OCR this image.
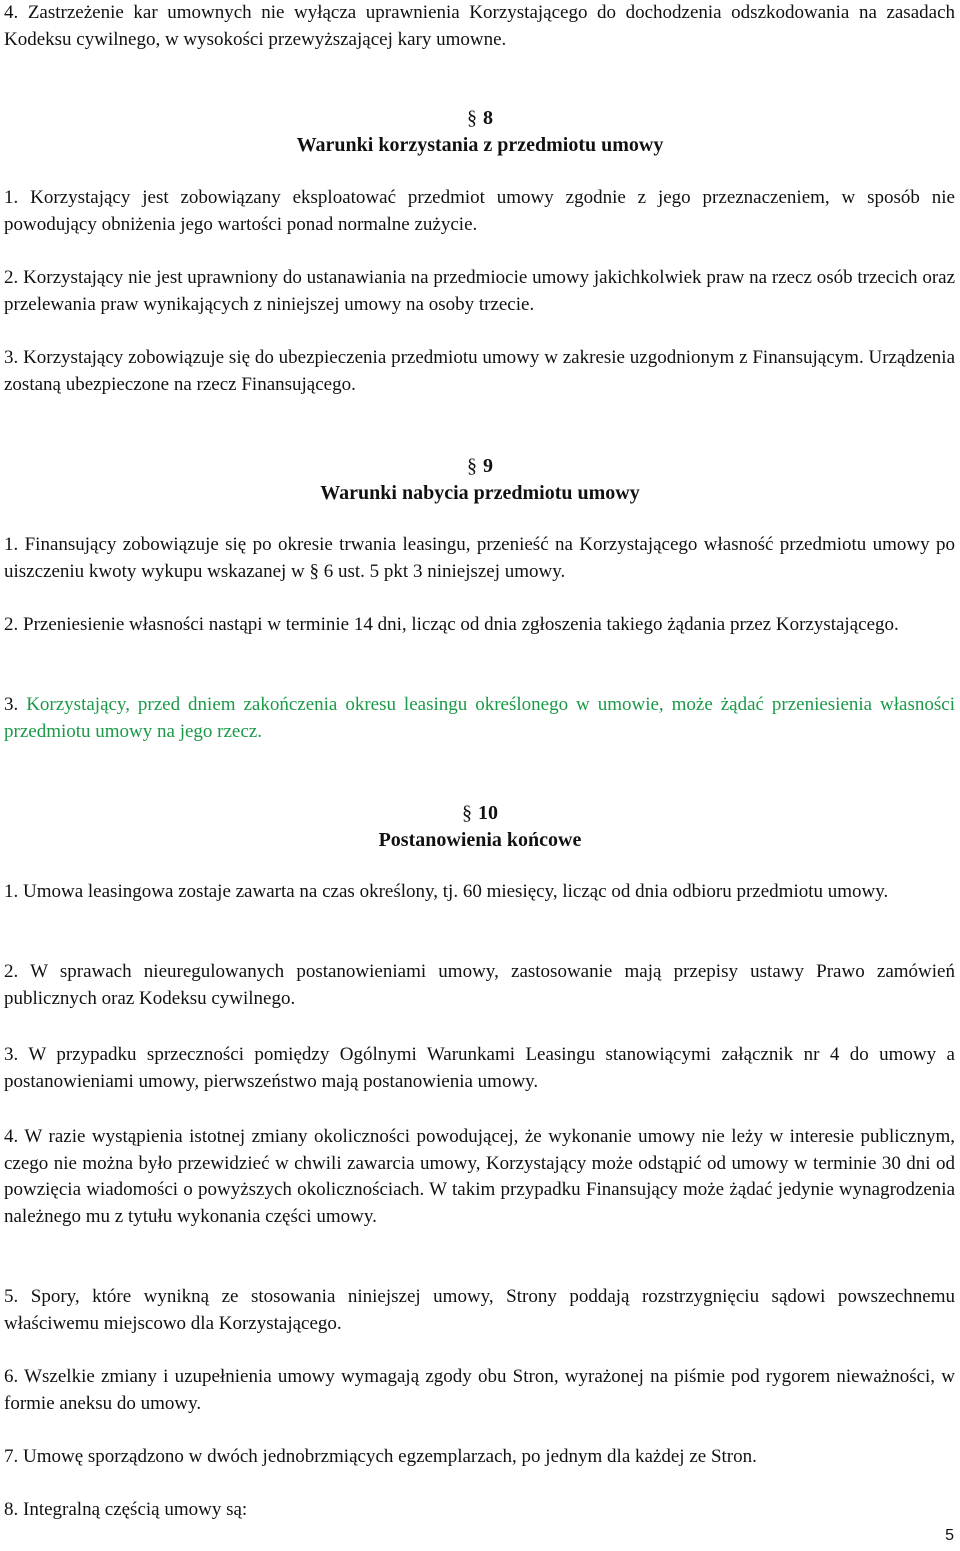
4. Zastrzeżenie kar umownych nie wyłącza uprawnienia Korzystającego do dochodzenia odszkodowania na zasadach Kodeksu cywilnego, w wysokości przewyższającej kary umowne.

§ 8
Warunki korzystania z przedmiotu umowy

1. Korzystający jest zobowiązany eksploatować przedmiot umowy zgodnie z jego przeznaczeniem, w sposób nie powodujący obniżenia jego wartości ponad normalne zużycie.

2. Korzystający nie jest uprawniony do ustanawiania na przedmiocie umowy jakichkolwiek praw na rzecz osób trzecich oraz przelewania praw wynikających z niniejszej umowy na osoby trzecie.

3. Korzystający zobowiązuje się do ubezpieczenia przedmiotu umowy w zakresie uzgodnionym z Finansującym. Urządzenia zostaną ubezpieczone na rzecz Finansującego.

§ 9
Warunki nabycia przedmiotu umowy

1. Finansujący zobowiązuje się po okresie trwania leasingu, przenieść na Korzystającego własność przedmiotu umowy po uiszczeniu kwoty wykupu wskazanej w § 6 ust. 5 pkt 3 niniejszej umowy.

2. Przeniesienie własności nastąpi w terminie 14 dni, licząc od dnia zgłoszenia takiego żądania przez Korzystającego.

3. Korzystający, przed dniem zakończenia okresu leasingu określonego w umowie, może żądać przeniesienia własności przedmiotu umowy na jego rzecz.

§ 10
Postanowienia końcowe

1. Umowa leasingowa zostaje zawarta na czas określony, tj. 60 miesięcy, licząc od dnia odbioru przedmiotu umowy.

2. W sprawach nieuregulowanych postanowieniami umowy, zastosowanie mają przepisy ustawy Prawo zamówień publicznych oraz Kodeksu cywilnego.

3. W przypadku sprzeczności pomiędzy Ogólnymi Warunkami Leasingu stanowiącymi załącznik nr 4 do umowy a postanowieniami umowy, pierwszeństwo mają postanowienia umowy.

4. W razie wystąpienia istotnej zmiany okoliczności powodującej, że wykonanie umowy nie leży w interesie publicznym, czego nie można było przewidzieć w chwili zawarcia umowy, Korzystający może odstąpić od umowy w terminie 30 dni od powzięcia wiadomości o powyższych okolicznościach. W takim przypadku Finansujący może żądać jedynie wynagrodzenia należnego mu z tytułu wykonania części umowy.

5. Spory, które wynikną ze stosowania niniejszej umowy, Strony poddają rozstrzygnięciu sądowi powszechnemu właściwemu miejscowo dla Korzystającego.

6. Wszelkie zmiany i uzupełnienia umowy wymagają zgody obu Stron, wyrażonej na piśmie pod rygorem nieważności, w formie aneksu do umowy.

7. Umowę sporządzono w dwóch jednobrzmiących egzemplarzach, po jednym dla każdej ze Stron.

8. Integralną częścią umowy są:

5
